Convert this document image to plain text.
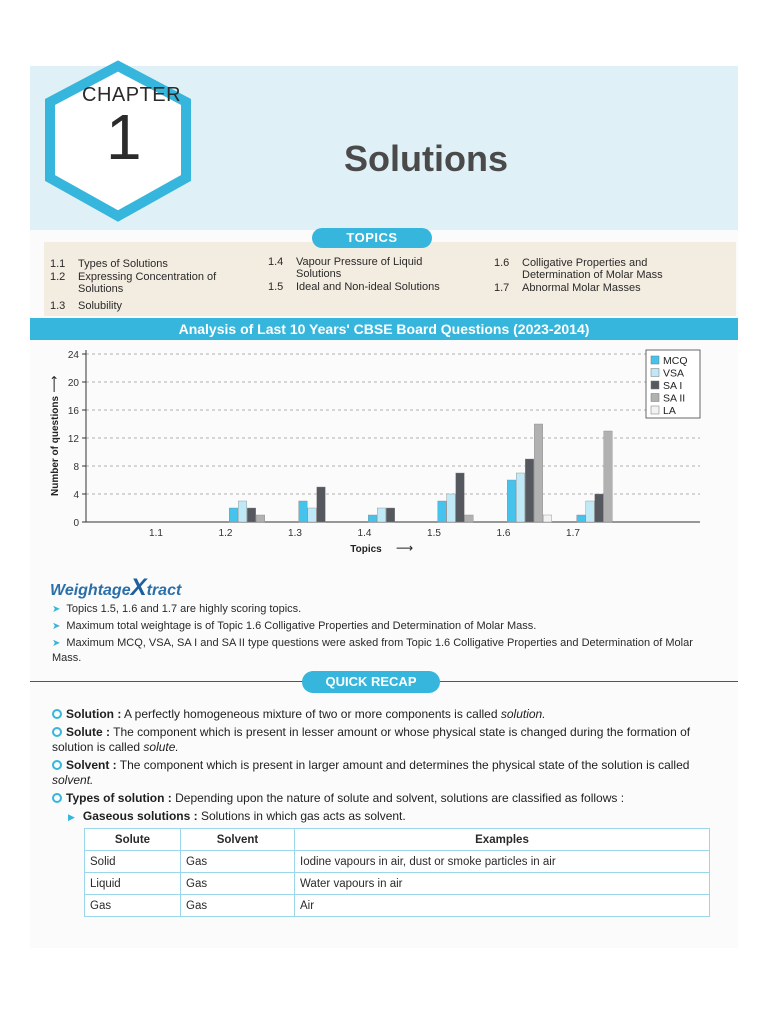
CHAPTER
1	Solutions
TOPICS
1.1 Types of Solutions
1.2 Expressing Concentration of Solutions
1.3 Solubility
1.4 Vapour Pressure of Liquid Solutions
1.5 Ideal and Non-ideal Solutions
1.6 Colligative Properties and Determination of Molar Mass
1.7 Abnormal Molar Masses
Analysis of Last 10 Years' CBSE Board Questions (2023-2014)
0
4
8
12
16
20
24
Number of questions
⟶
1.1	1.2	1.3	1.4	1.5	1.6	1.7
Topics ⟶
MCQ
VSA
SA I
SA II
LA
WeightageXtract
➤ Topics 1.5, 1.6 and 1.7 are highly scoring topics.
➤ Maximum total weightage is of Topic 1.6 Colligative Properties and Determination of Molar Mass.
➤ Maximum MCQ, VSA, SA I and SA II type questions were asked from Topic 1.6 Colligative Properties and Determination of Molar Mass.
QUICK RECAP
Solution : A perfectly homogeneous mixture of two or more components is called solution.
Solute : The component which is present in lesser amount or whose physical state is changed during the formation of solution is called solute.
Solvent : The component which is present in larger amount and determines the physical state of the solution is called solvent.
Types of solution : Depending upon the nature of solute and solvent, solutions are classified as follows :
▶ Gaseous solutions : Solutions in which gas acts as solvent.
Solute	Solvent	Examples
Solid	Gas	Iodine vapours in air, dust or smoke particles in air
Liquid	Gas	Water vapours in air
Gas	Gas	Air
